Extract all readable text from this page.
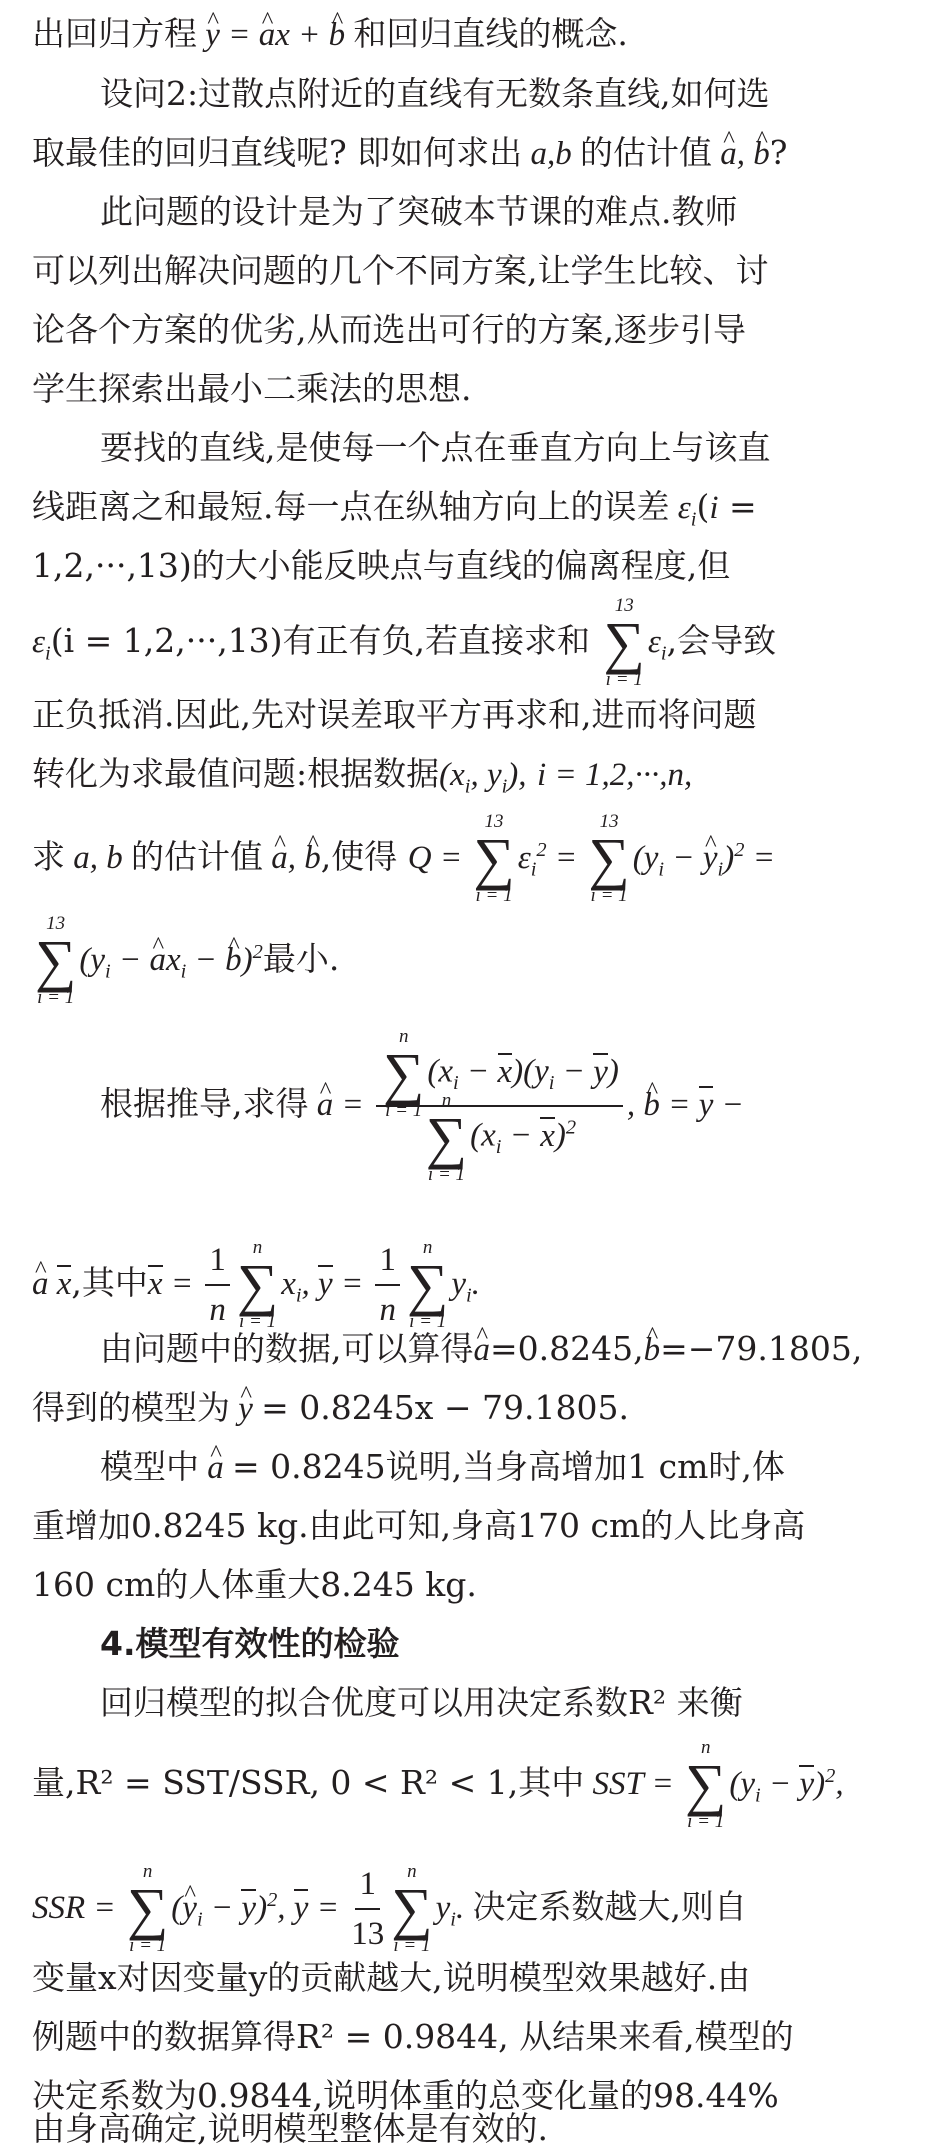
出回归方程 y ^ = a ^x + b ^ 和回归直线的概念.
设问2:过散点附近的直线有无数条直线,如何选
取最佳的回归直线呢? 即如何求出 a,b 的估计值 a ^, b ^?
此问题的设计是为了突破本节课的难点.教师
可以列出解决问题的几个不同方案,让学生比较、讨
论各个方案的优劣,从而选出可行的方案,逐步引导
学生探索出最小二乘法的思想.
要找的直线,是使每一个点在垂直方向上与该直
线距离之和最短.每一点在纵轴方向上的误差 $\varepsilon_i(i$ =
1,2,···,13)的大小能反映点与直线的偏离程度,但
$\varepsilon_i(i = 1,2,\cdot\cdot\cdot,13)$有正有负,若直接求和
13
∑
i = 1
$\varepsilon_i$,会导致
正负抵消.因此,先对误差取平方再求和,进而将问题
转化为求最值问题:根据数据($x_i$, $y_i$), i = 1,2,···,n,
求 a, b 的估计值 a ^, b ^,使得 Q =
13
∑
i = 1
$\varepsilon_i^2$ =
13
∑
i = 1
($y_i - y$ $\^{}_i)^2$ =
13
∑
i = 1
($y_i - a$ $\^{}x_i - b$ ^)$^2$最小.
根据推导,求得 a ^ = n
∑
i = 1
$(x_i - x)(y_i - y)$
n
∑
i = 1
$(x_i - x)^2$ , b ^ = y −
a ^ x,其中$x = \frac{1}{n}$	n
∑
i = 1
$x_i$, $y = \frac{1}{n}$	n
∑
i = 1
$y_i$.
由问题中的数据,可以算得a ^=0.8245,b ^=−79.1805,
得到的模型为 y ^ = 0.8245x − 79.1805.
模型中 a ^ = 0.8245说明,当身高增加1 cm时,体
重增加0.8245 kg.由此可知,身高170 cm的人比身高
160 cm的人体重大8.245 kg.
4.模型有效性的检验
回归模型的拟合优度可以用决定系数R² 来衡
量,R² = SST/SSR, 0 < R² < 1,其中 SST =
n
∑
i = 1
$(y_i - y)^2$,
SSR =
n
∑
i = 1
(y $\^{}_i - y)^2$, $y = \frac{1}{13}$	n
∑
i = 1
$y_i$. 决定系数越大,则自
变量x对因变量y的贡献越大,说明模型效果越好.由
例题中的数据算得R² = 0.9844, 从结果来看,模型的
决定系数为0.9844,说明体重的总变化量的98.44%
由身高确定,说明模型整体是有效的.
